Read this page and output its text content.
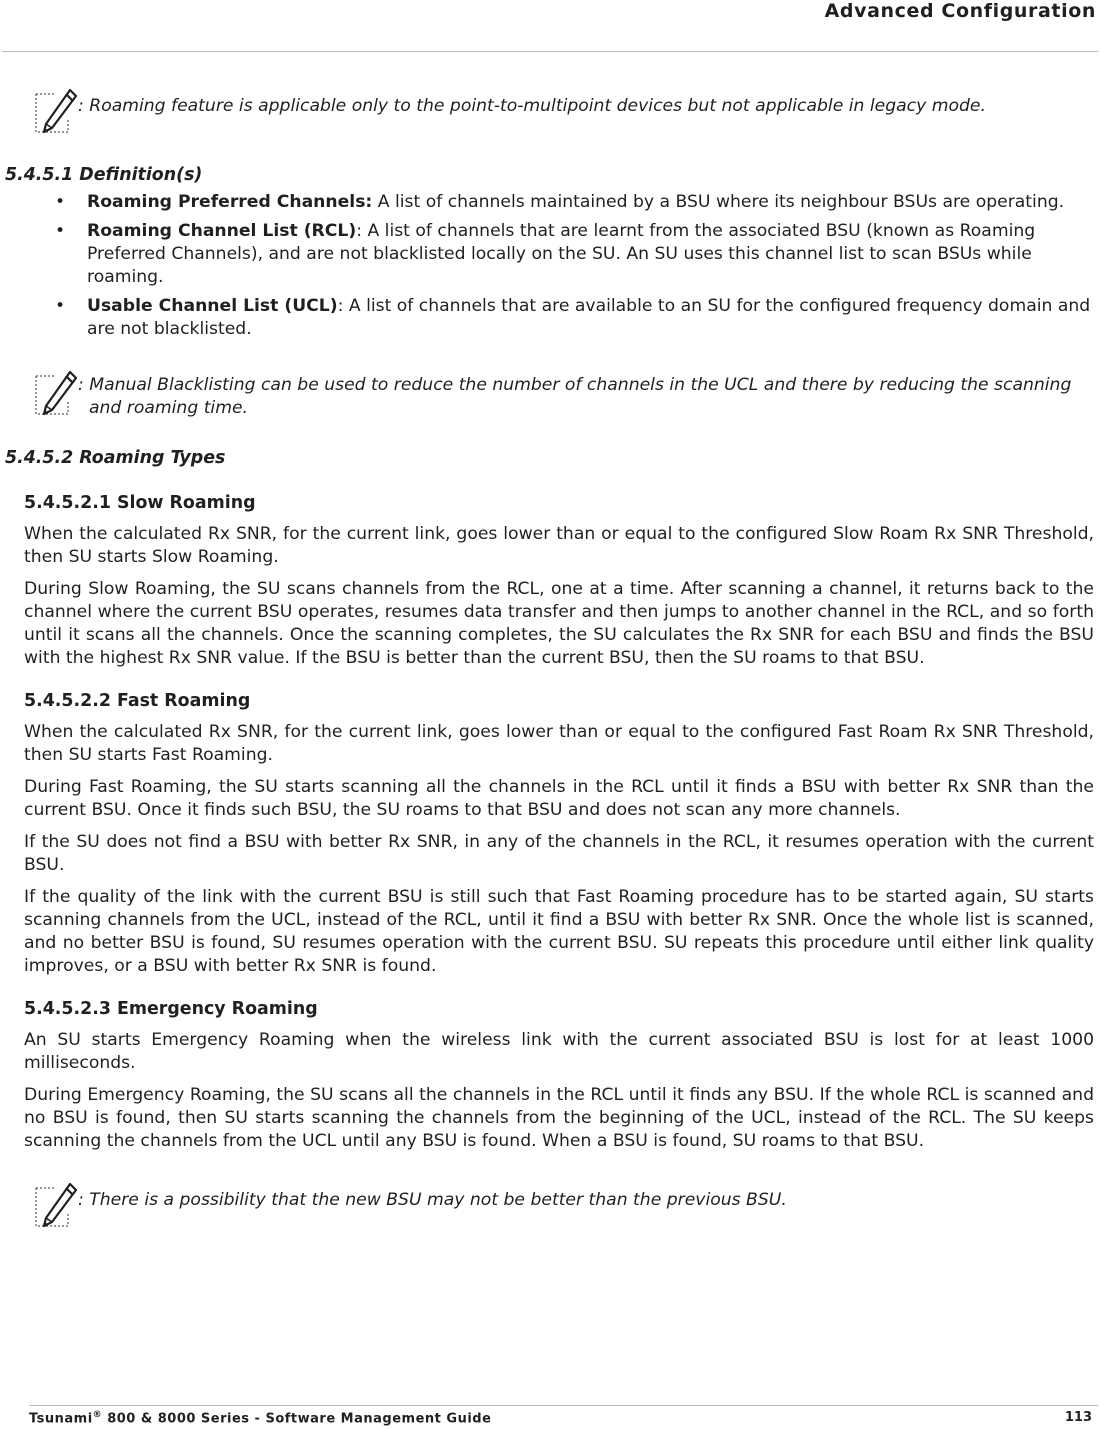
Advanced Configuration
: Roaming feature is applicable only to the point-to-multipoint devices but not applicable in legacy mode.
5.4.5.1 Definition(s)
• Roaming Preferred Channels: A list of channels maintained by a BSU where its neighbour BSUs are operating.
• Roaming Channel List (RCL): A list of channels that are learnt from the associated BSU (known as Roaming Preferred Channels), and are not blacklisted locally on the SU. An SU uses this channel list to scan BSUs while roaming.
• Usable Channel List (UCL): A list of channels that are available to an SU for the configured frequency domain and are not blacklisted.
: Manual Blacklisting can be used to reduce the number of channels in the UCL and there by reducing the scanning and roaming time.
5.4.5.2 Roaming Types
5.4.5.2.1 Slow Roaming

When the calculated Rx SNR, for the current link, goes lower than or equal to the configured Slow Roam Rx SNR Threshold, then SU starts Slow Roaming.

During Slow Roaming, the SU scans channels from the RCL, one at a time. After scanning a channel, it returns back to the channel where the current BSU operates, resumes data transfer and then jumps to another channel in the RCL, and so forth until it scans all the channels. Once the scanning completes, the SU calculates the Rx SNR for each BSU and finds the BSU with the highest Rx SNR value. If the BSU is better than the current BSU, then the SU roams to that BSU.

5.4.5.2.2 Fast Roaming

When the calculated Rx SNR, for the current link, goes lower than or equal to the configured Fast Roam Rx SNR Threshold, then SU starts Fast Roaming.

During Fast Roaming, the SU starts scanning all the channels in the RCL until it finds a BSU with better Rx SNR than the current BSU. Once it finds such BSU, the SU roams to that BSU and does not scan any more channels.

If the SU does not find a BSU with better Rx SNR, in any of the channels in the RCL, it resumes operation with the current BSU.

If the quality of the link with the current BSU is still such that Fast Roaming procedure has to be started again, SU starts scanning channels from the UCL, instead of the RCL, until it find a BSU with better Rx SNR. Once the whole list is scanned, and no better BSU is found, SU resumes operation with the current BSU. SU repeats this procedure until either link quality improves, or a BSU with better Rx SNR is found.

5.4.5.2.3 Emergency Roaming

An SU starts Emergency Roaming when the wireless link with the current associated BSU is lost for at least 1000 milliseconds.

During Emergency Roaming, the SU scans all the channels in the RCL until it finds any BSU. If the whole RCL is scanned and no BSU is found, then SU starts scanning the channels from the beginning of the UCL, instead of the RCL. The SU keeps scanning the channels from the UCL until any BSU is found. When a BSU is found, SU roams to that BSU.

: There is a possibility that the new BSU may not be better than the previous BSU.
Tsunami® 800 & 8000 Series - Software Management Guide	113
